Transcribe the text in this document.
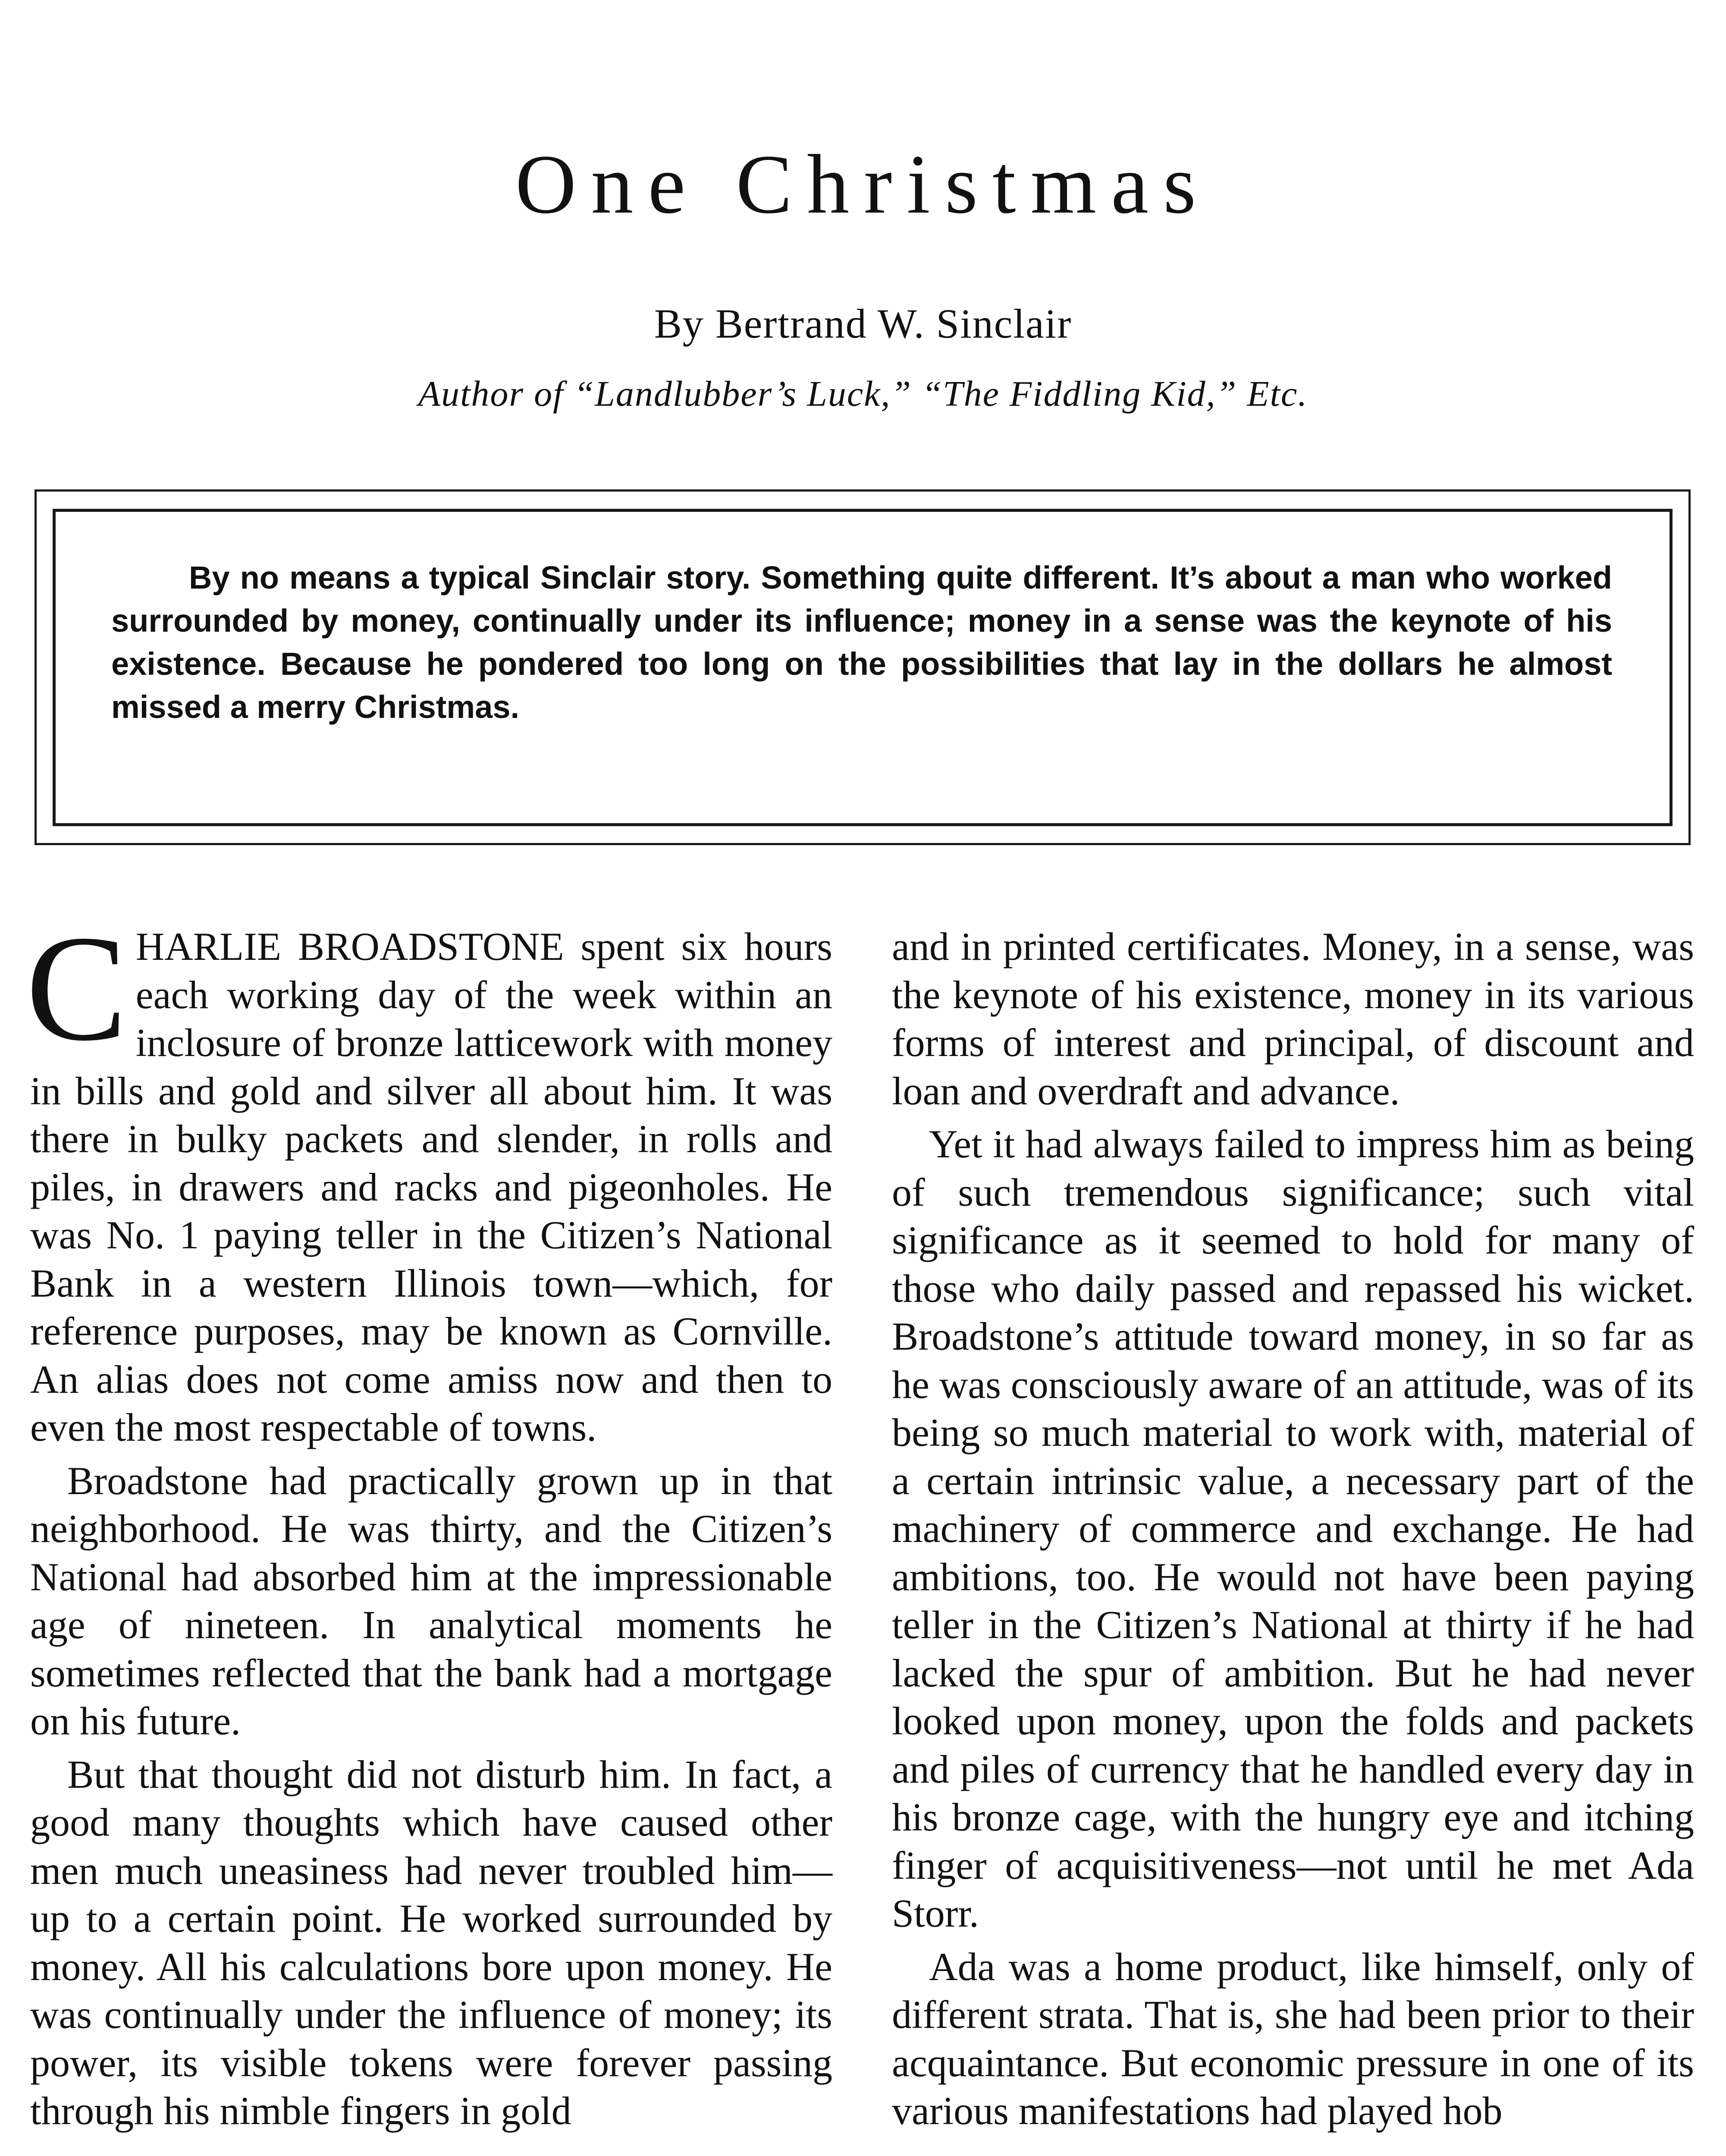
One Christmas
By Bertrand W. Sinclair
Author of “Landlubber’s Luck,” “The Fiddling Kid,” Etc.
By no means a typical Sinclair story. Something quite different. It’s about a man who worked surrounded by money, continually under its influence; money in a sense was the keynote of his existence. Because he pondered too long on the possibilities that lay in the dollars he almost missed a merry Christmas.

CHARLIE BROADSTONE spent six hours each working day of the week within an inclosure of bronze latticework with money in bills and gold and silver all about him. It was there in bulky packets and slender, in rolls and piles, in drawers and racks and pigeonholes. He was No. 1 paying teller in the Citizen’s National Bank in a western Illinois town—which, for reference purposes, may be known as Cornville. An alias does not come amiss now and then to even the most respectable of towns.

Broadstone had practically grown up in that neighborhood. He was thirty, and the Citizen’s National had absorbed him at the impressionable age of nineteen. In analytical moments he sometimes reflected that the bank had a mortgage on his future.

But that thought did not disturb him. In fact, a good many thoughts which have caused other men much uneasiness had never troubled him—up to a certain point. He worked surrounded by money. All his calculations bore upon money. He was continually under the influence of money; its power, its visible tokens were forever passing through his nimble fingers in gold

and in printed certificates. Money, in a sense, was the keynote of his existence, money in its various forms of interest and principal, of discount and loan and overdraft and advance.

Yet it had always failed to impress him as being of such tremendous significance; such vital significance as it seemed to hold for many of those who daily passed and repassed his wicket. Broadstone’s attitude toward money, in so far as he was consciously aware of an attitude, was of its being so much material to work with, material of a certain intrinsic value, a necessary part of the machinery of commerce and exchange. He had ambitions, too. He would not have been paying teller in the Citizen’s National at thirty if he had lacked the spur of ambition. But he had never looked upon money, upon the folds and packets and piles of currency that he handled every day in his bronze cage, with the hungry eye and itching finger of acquisitiveness—not until he met Ada Storr.

Ada was a home product, like himself, only of different strata. That is, she had been prior to their acquaintance. But economic pressure in one of its various manifestations had played hob
